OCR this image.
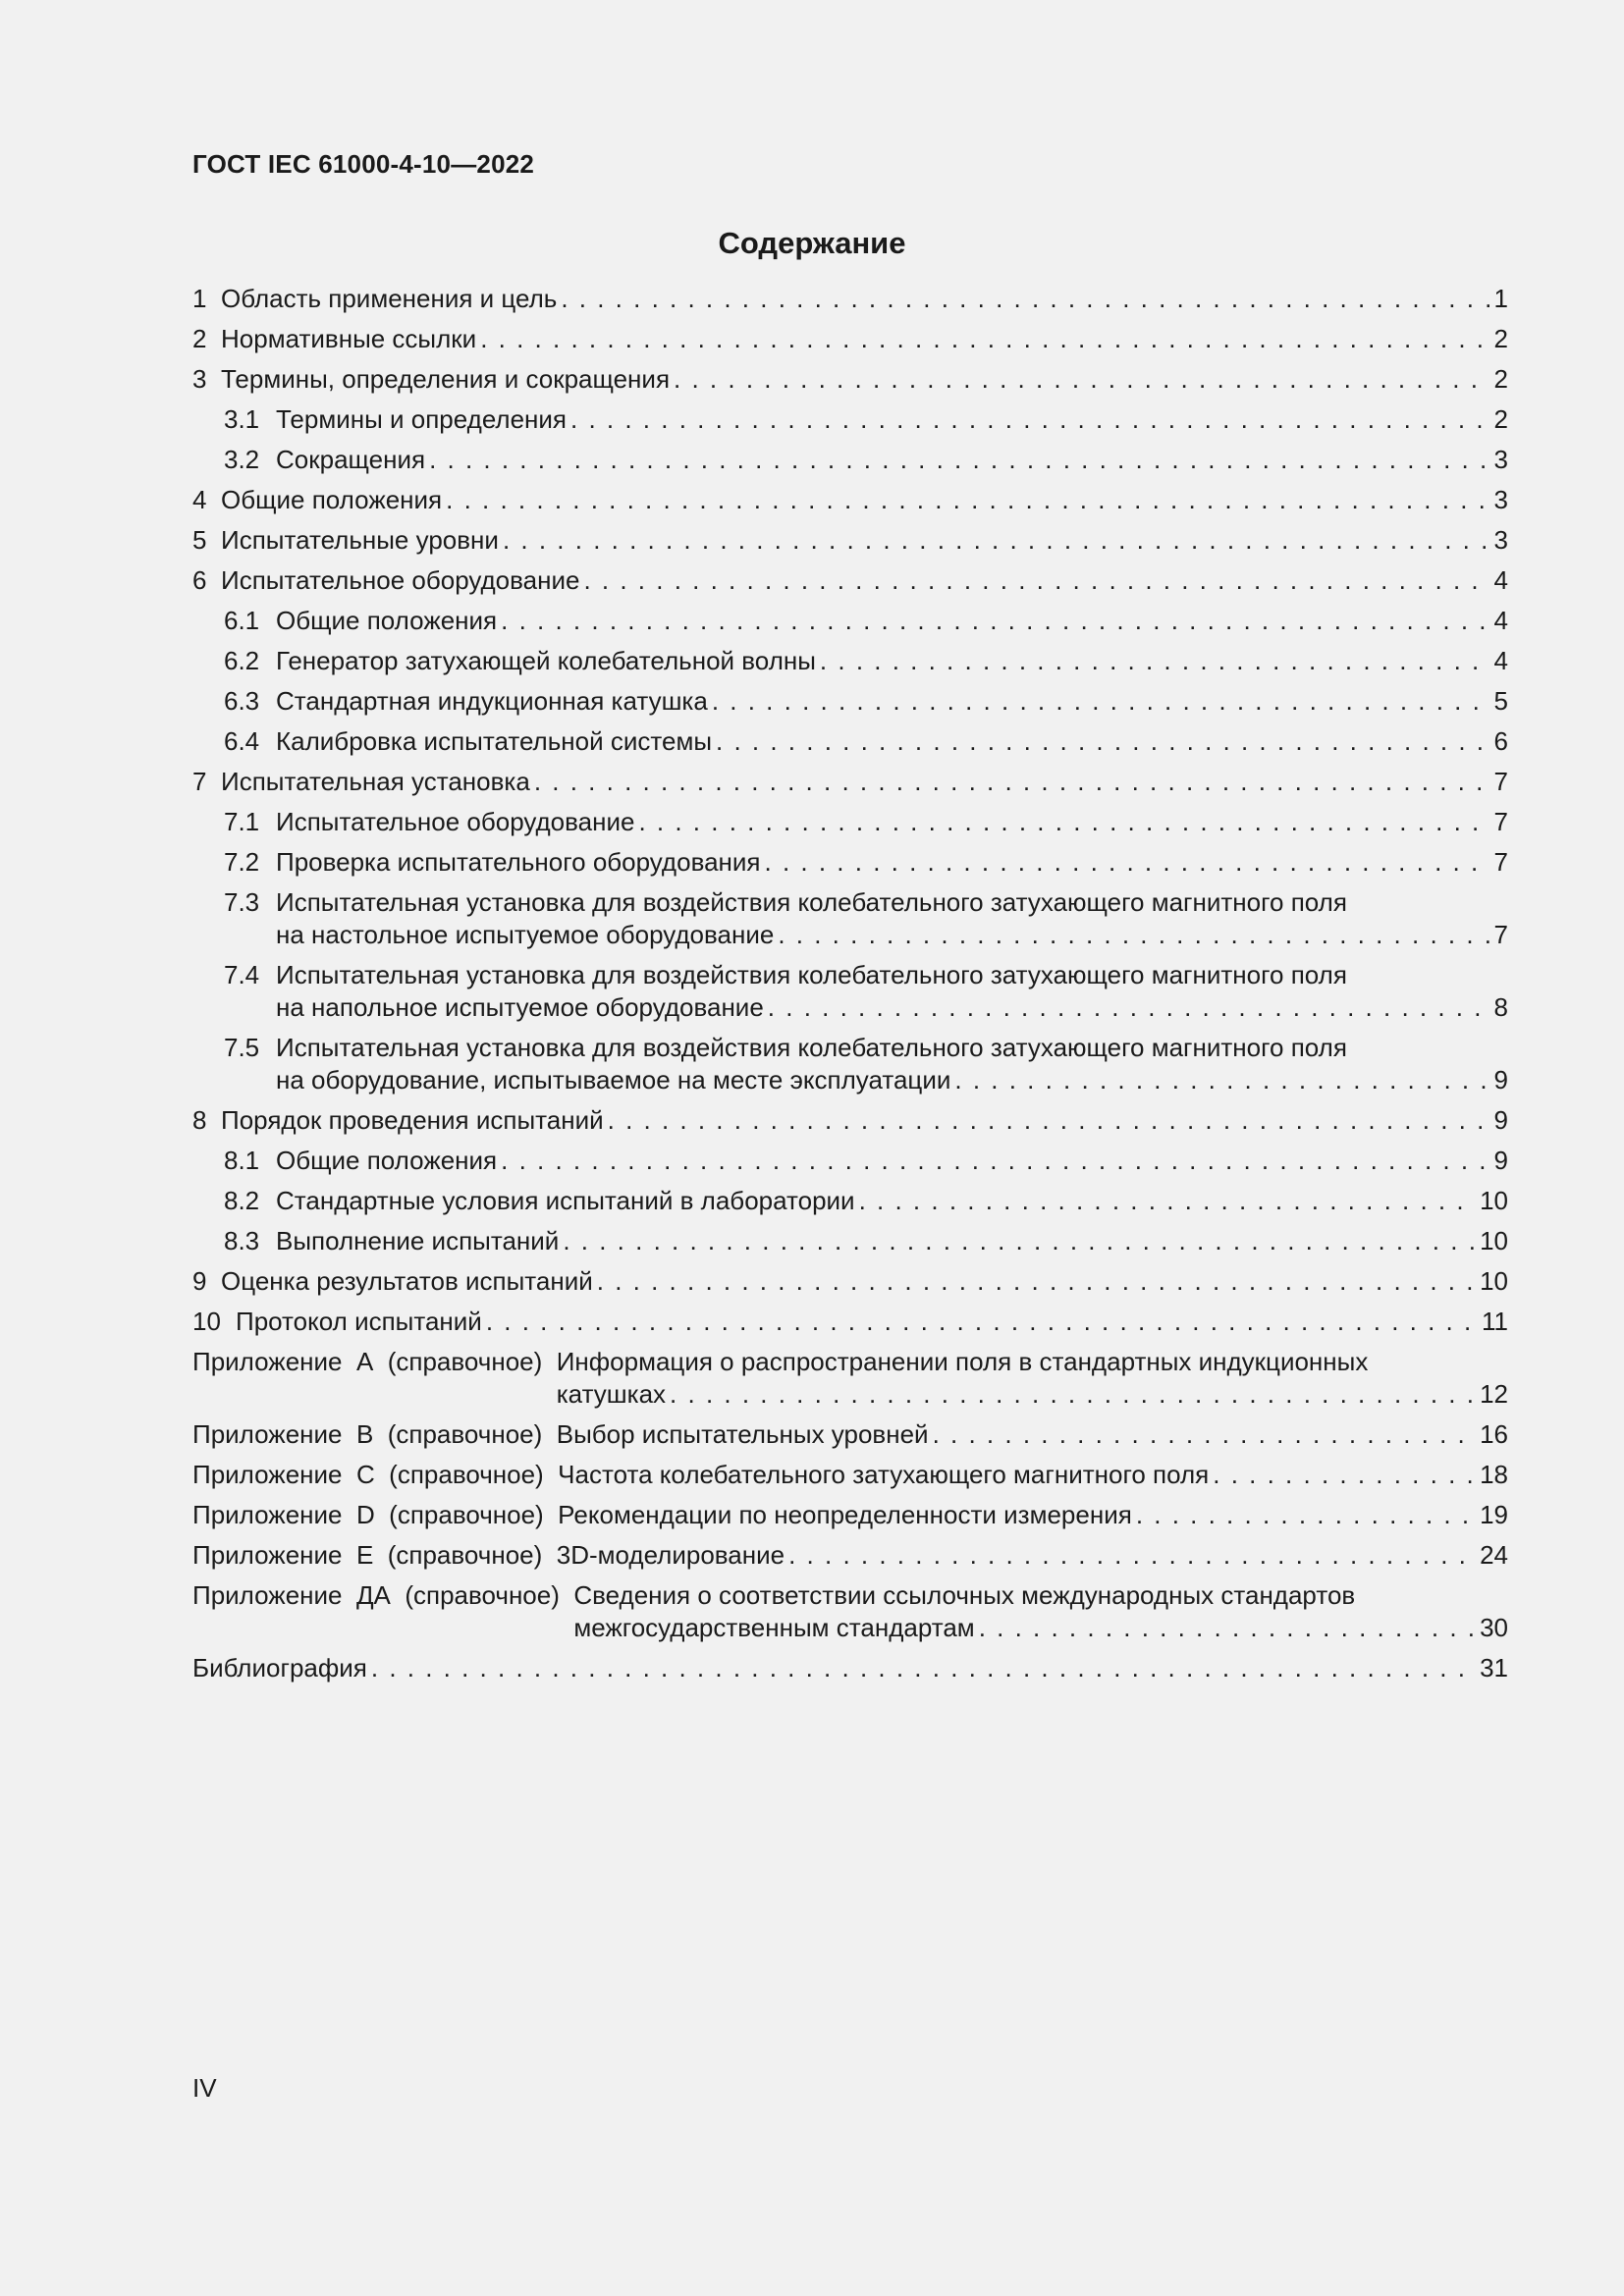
ГОСТ IEC 61000-4-10—2022
Содержание
1 Область применения и цель . . .	1
2 Нормативные ссылки . . .	2
3 Термины, определения и сокращения . . .	2
3.1 Термины и определения . . .	2
3.2 Сокращения . . .	3
4 Общие положения . . .	3
5 Испытательные уровни . . .	3
6 Испытательное оборудование . . .	4
6.1 Общие положения . . .	4
6.2 Генератор затухающей колебательной волны . . .	4
6.3 Стандартная индукционная катушка . . .	5
6.4 Калибровка испытательной системы . . .	6
7 Испытательная установка . . .	7
7.1 Испытательное оборудование . . .	7
7.2 Проверка испытательного оборудования . . .	7
7.3 Испытательная установка для воздействия колебательного затухающего магнитного поля
на настольное испытуемое оборудование . . .	7
7.4 Испытательная установка для воздействия колебательного затухающего магнитного поля
на напольное испытуемое оборудование . . .	8
7.5 Испытательная установка для воздействия колебательного затухающего магнитного поля
на оборудование, испытываемое на месте эксплуатации . . .	9
8 Порядок проведения испытаний . . .	9
8.1 Общие положения . . .	9
8.2 Стандартные условия испытаний в лаборатории . . .	10
8.3 Выполнение испытаний . . .	10
9 Оценка результатов испытаний . . .	10
10 Протокол испытаний . . .	11
Приложение  А  (справочное) Информация о распространении поля в стандартных индукционных
катушках . . .	12
Приложение  В  (справочное) Выбор испытательных уровней . . .	16
Приложение  С  (справочное) Частота колебательного затухающего магнитного поля . . .	18
Приложение  D  (справочное) Рекомендации по неопределенности измерения . . .	19
Приложение  Е  (справочное) 3D-моделирование . . .	24
Приложение  ДА  (справочное) Сведения о соответствии ссылочных международных стандартов
межгосударственным стандартам . . .	30
Библиография . . .	31
IV
